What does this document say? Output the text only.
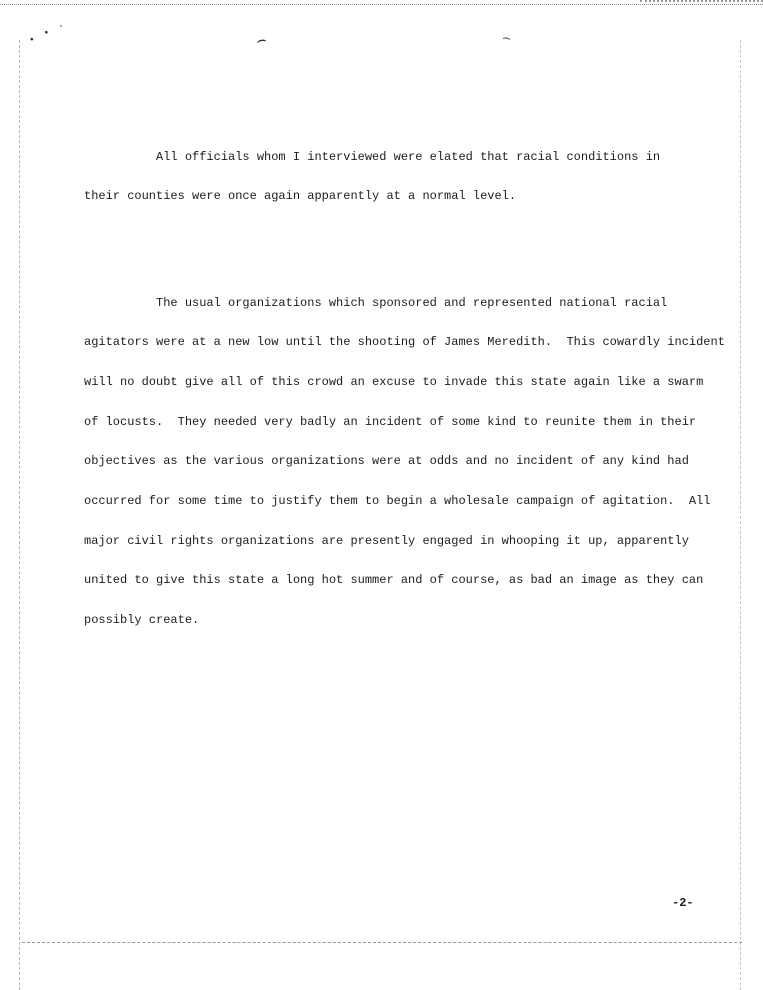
• • ·	⌢	⌢

All officials whom I interviewed were elated that racial conditions in

their counties were once again apparently at a normal level.

The usual organizations which sponsored and represented national racial

agitators were at a new low until the shooting of James Meredith.  This cowardly incident

will no doubt give all of this crowd an excuse to invade this state again like a swarm

of locusts.  They needed very badly an incident of some kind to reunite them in their

objectives as the various organizations were at odds and no incident of any kind had

occurred for some time to justify them to begin a wholesale campaign of agitation.  All

major civil rights organizations are presently engaged in whooping it up, apparently

united to give this state a long hot summer and of course, as bad an image as they can

possibly create.

-2-
